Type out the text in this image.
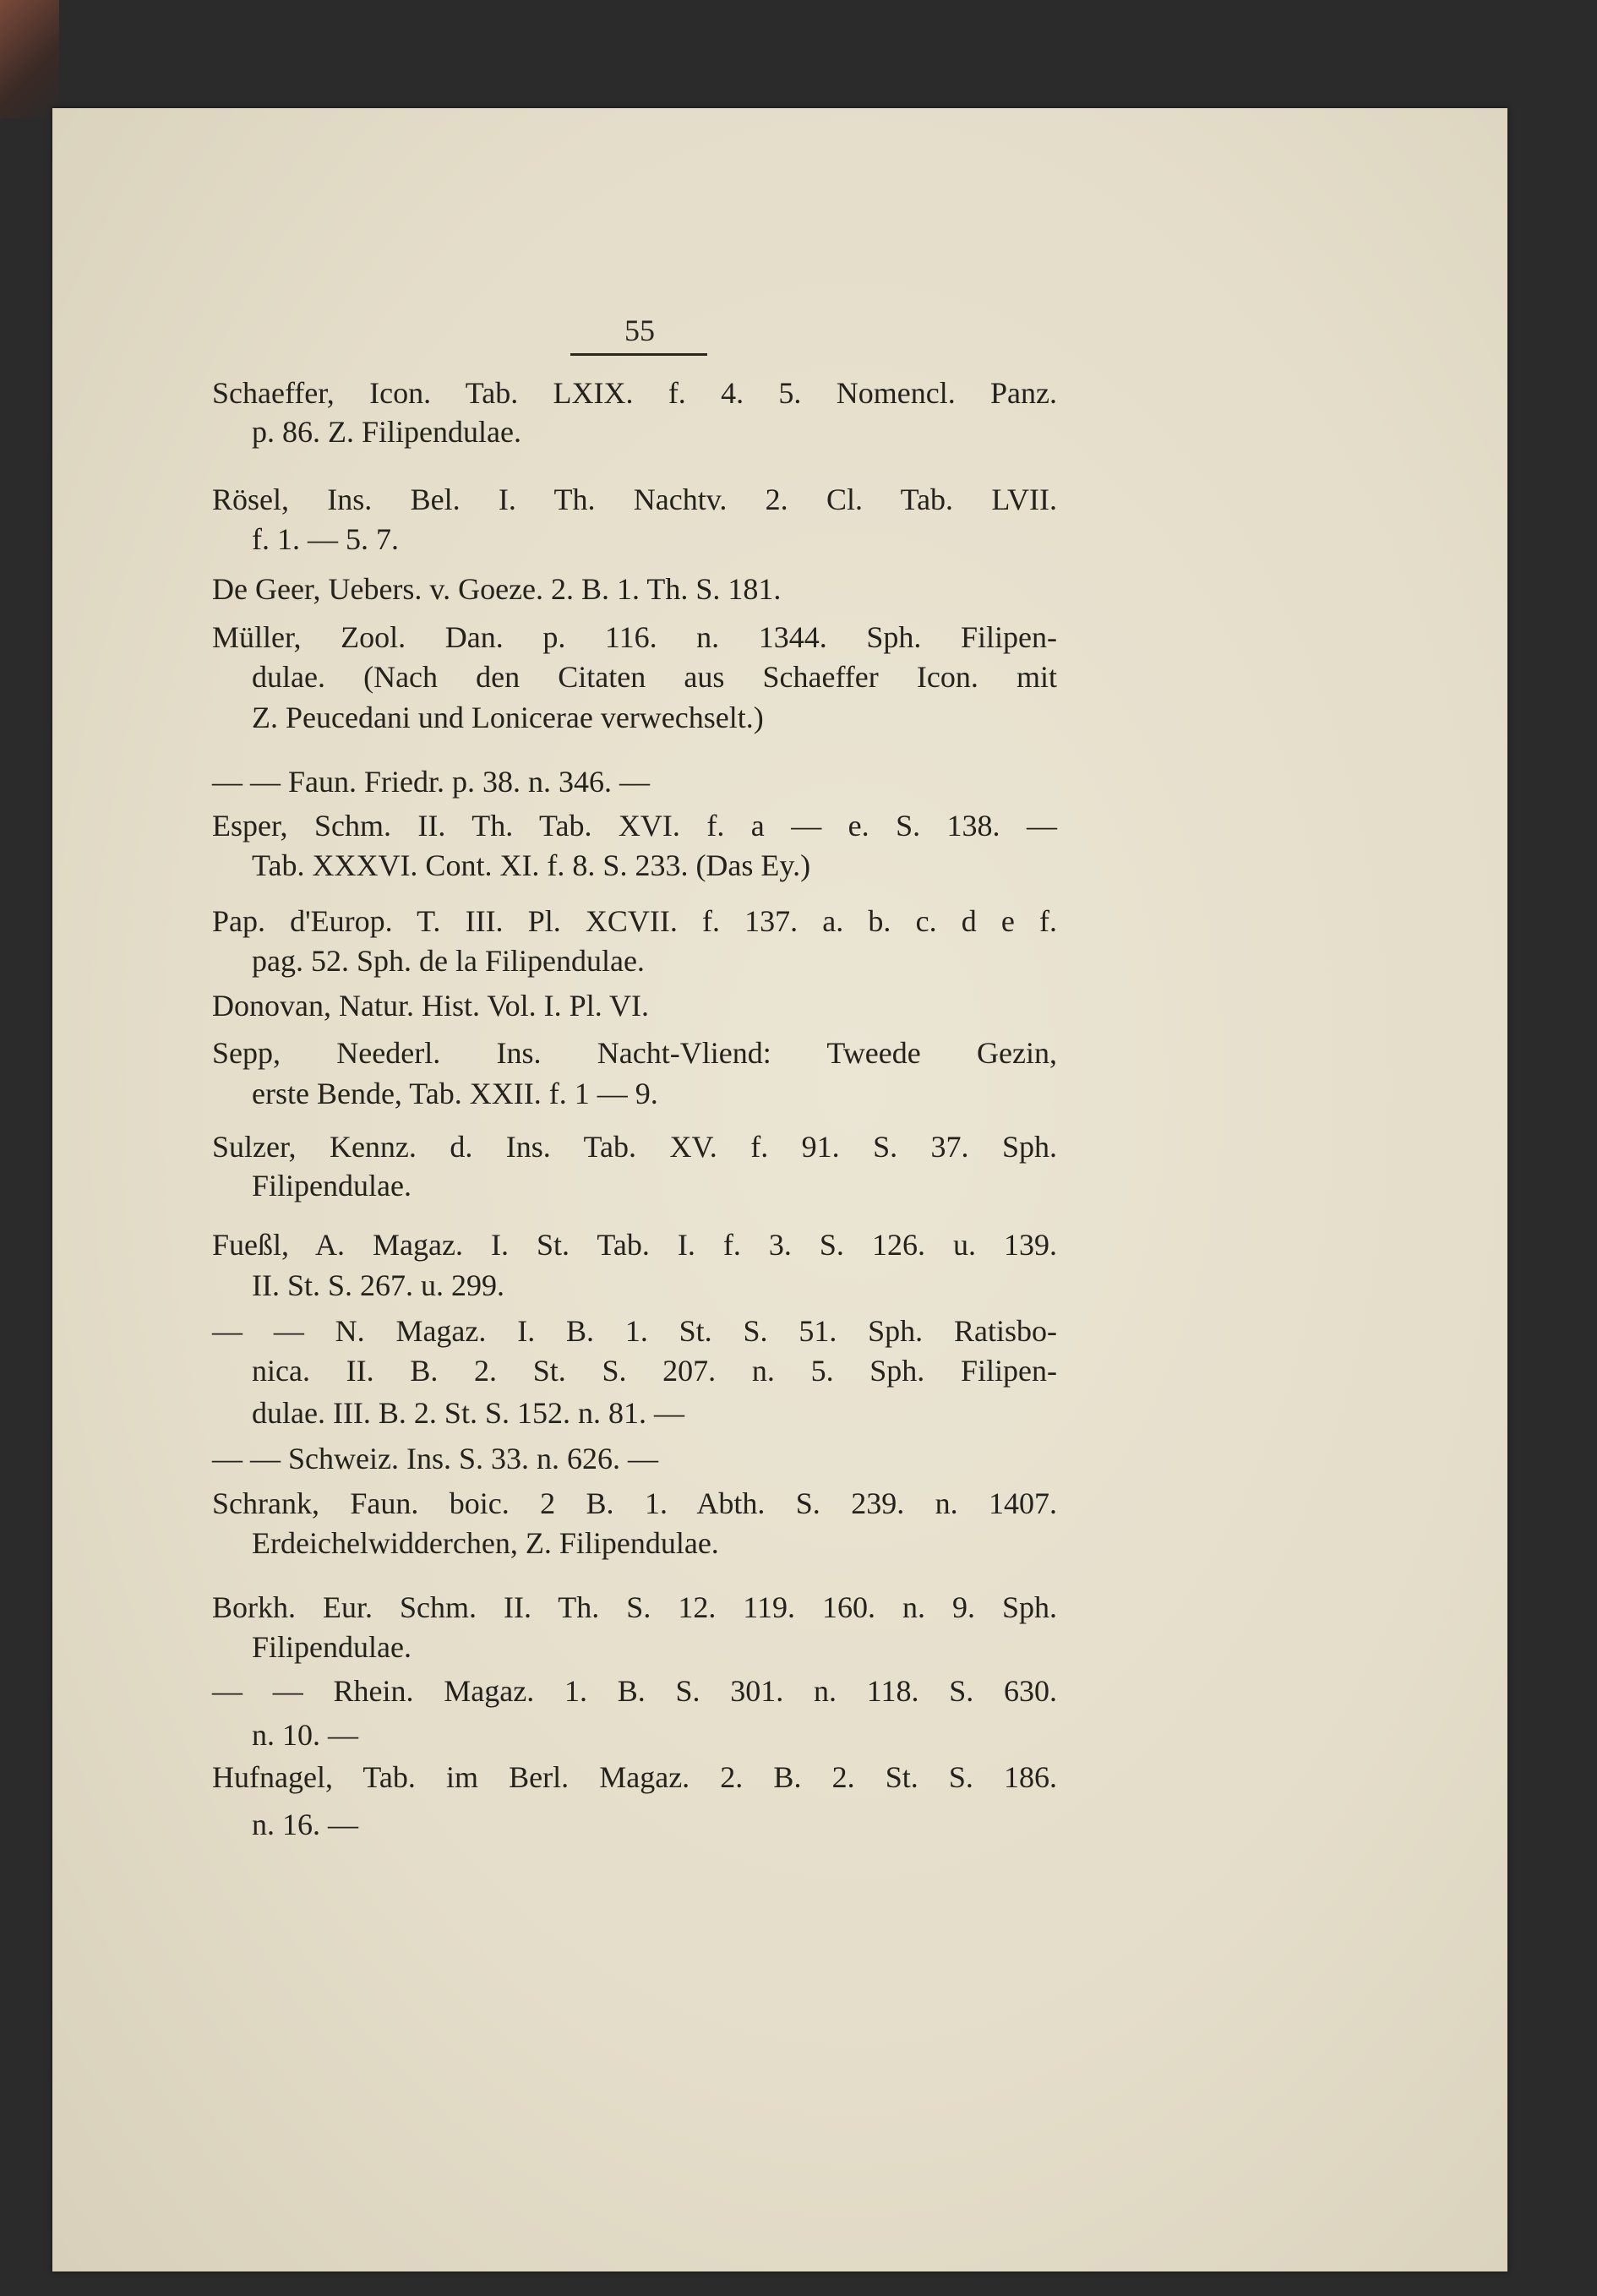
55
Schaeffer, Icon. Tab. LXIX. f. 4. 5. Nomencl. Panz.
p. 86. Z. Filipendulae.
Rösel, Ins. Bel. I. Th. Nachtv. 2. Cl. Tab. LVII.
f. 1. — 5. 7.
De Geer, Uebers. v. Goeze. 2. B. 1. Th. S. 181.
Müller, Zool. Dan. p. 116. n. 1344. Sph. Filipen-
dulae. (Nach den Citaten aus Schaeffer Icon. mit
Z. Peucedani und Lonicerae verwechselt.)
— — Faun. Friedr. p. 38. n. 346. —
Esper, Schm. II. Th. Tab. XVI. f. a — e. S. 138. —
Tab. XXXVI. Cont. XI. f. 8. S. 233. (Das Ey.)
Pap. d'Europ. T. III. Pl. XCVII. f. 137. a. b. c. d e f.
pag. 52. Sph. de la Filipendulae.
Donovan, Natur. Hist. Vol. I. Pl. VI.
Sepp, Neederl. Ins. Nacht-Vliend: Tweede Gezin,
erste Bende, Tab. XXII. f. 1 — 9.
Sulzer, Kennz. d. Ins. Tab. XV. f. 91. S. 37. Sph.
Filipendulae.
Fueßl, A. Magaz. I. St. Tab. I. f. 3. S. 126. u. 139.
II. St. S. 267. u. 299.
— — N. Magaz. I. B. 1. St. S. 51. Sph. Ratisbo-
nica. II. B. 2. St. S. 207. n. 5. Sph. Filipen-
dulae. III. B. 2. St. S. 152. n. 81. —
— — Schweiz. Ins. S. 33. n. 626. —
Schrank, Faun. boic. 2 B. 1. Abth. S. 239. n. 1407.
Erdeichelwidderchen, Z. Filipendulae.
Borkh. Eur. Schm. II. Th. S. 12. 119. 160. n. 9. Sph.
Filipendulae.
— — Rhein. Magaz. 1. B. S. 301. n. 118. S. 630.
n. 10. —
Hufnagel, Tab. im Berl. Magaz. 2. B. 2. St. S. 186.
n. 16. —
